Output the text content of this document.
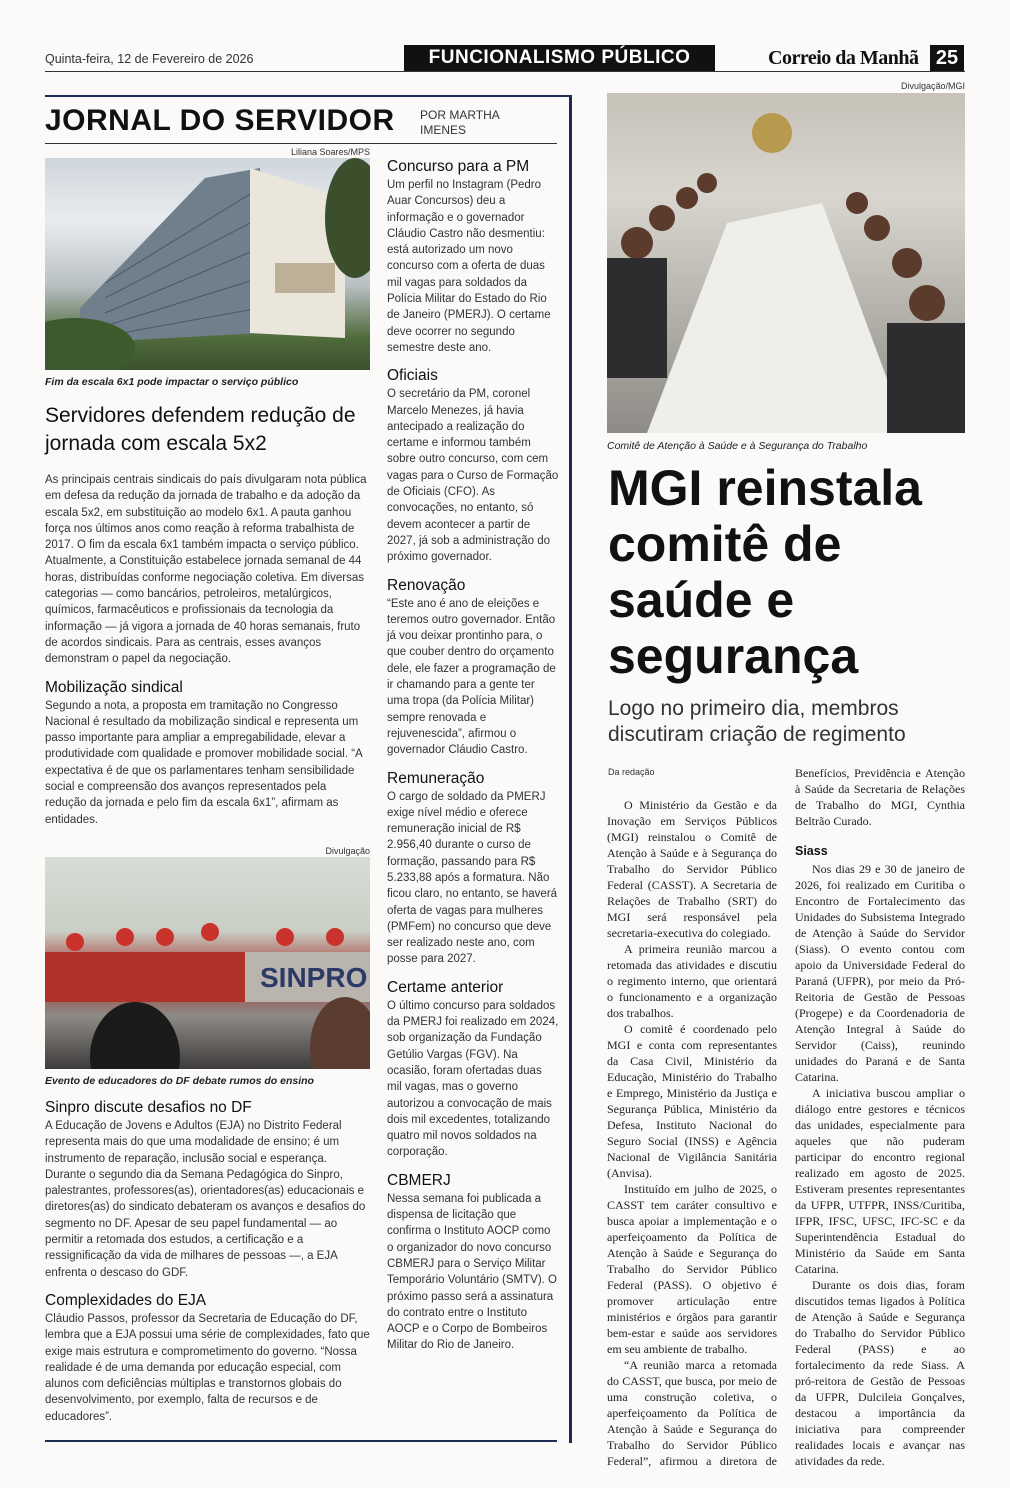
Quinta-feira, 12 de Fevereiro de 2026	FUNCIONALISMO PÚBLICO	Correio da Manhã 25
JORNAL DO SERVIDOR POR MARTHA IMENES
Liliana Soares/MPS
Fim da escala 6x1 pode impactar o serviço público
Servidores defendem redução de jornada com escala 5x2

As principais centrais sindicais do país divulgaram nota pública em defesa da redução da jornada de trabalho e da adoção da escala 5x2, em substituição ao modelo 6x1. A pauta ganhou força nos últimos anos como reação à reforma trabalhista de 2017. O fim da escala 6x1 também impacta o serviço público. Atualmente, a Constituição estabelece jornada semanal de 44 horas, distribuídas conforme negociação coletiva. Em diversas categorias — como bancários, petroleiros, metalúrgicos, químicos, farmacêuticos e profissionais da tecnologia da informação — já vigora a jornada de 40 horas semanais, fruto de acordos sindicais. Para as centrais, esses avanços demonstram o papel da negociação.

Mobilização sindical

Segundo a nota, a proposta em tramitação no Congresso Nacional é resultado da mobilização sindical e representa um passo importante para ampliar a empregabilidade, elevar a produtividade com qualidade e promover mobilidade social. “A expectativa é de que os parlamentares tenham sensibilidade social e compreensão dos avanços representados pela redução da jornada e pelo fim da escala 6x1”, afirmam as entidades.

Divulgação
SINPRO
Evento de educadores do DF debate rumos do ensino
Sinpro discute desafios no DF

A Educação de Jovens e Adultos (EJA) no Distrito Federal representa mais do que uma modalidade de ensino; é um instrumento de reparação, inclusão social e esperança. Durante o segundo dia da Semana Pedagógica do Sinpro, palestrantes, professores(as), orientadores(as) educacionais e diretores(as) do sindicato debateram os avanços e desafios do segmento no DF. Apesar de seu papel fundamental — ao permitir a retomada dos estudos, a certificação e a ressignificação da vida de milhares de pessoas —, a EJA enfrenta o descaso do GDF.

Complexidades do EJA

Cláudio Passos, professor da Secretaria de Educação do DF, lembra que a EJA possui uma série de complexidades, fato que exige mais estrutura e comprometimento do governo. “Nossa realidade é de uma demanda por educação especial, com alunos com deficiências múltiplas e transtornos globais do desenvolvimento, por exemplo, falta de recursos e de educadores”.

Concurso para a PM

Um perfil no Instagram (Pedro Auar Concursos) deu a informação e o governador Cláudio Castro não desmentiu: está autorizado um novo concurso com a oferta de duas mil vagas para soldados da Polícia Militar do Estado do Rio de Janeiro (PMERJ). O certame deve ocorrer no segundo semestre deste ano.

Oficiais

O secretário da PM, coronel Marcelo Menezes, já havia antecipado a realização do certame e informou também sobre outro concurso, com cem vagas para o Curso de Formação de Oficiais (CFO). As convocações, no entanto, só devem acontecer a partir de 2027, já sob a administração do próximo governador.

Renovação

“Este ano é ano de eleições e teremos outro governador. Então já vou deixar prontinho para, o que couber dentro do orçamento dele, ele fazer a programação de ir chamando para a gente ter uma tropa (da Polícia Militar) sempre renovada e rejuvenescida”, afirmou o governador Cláudio Castro.

Remuneração

O cargo de soldado da PMERJ exige nível médio e oferece remuneração inicial de R$ 2.956,40 durante o curso de formação, passando para R$ 5.233,88 após a formatura. Não ficou claro, no entanto, se haverá oferta de vagas para mulheres (PMFem) no concurso que deve ser realizado neste ano, com posse para 2027.

Certame anterior

O último concurso para soldados da PMERJ foi realizado em 2024, sob organização da Fundação Getúlio Vargas (FGV). Na ocasião, foram ofertadas duas mil vagas, mas o governo autorizou a convocação de mais dois mil excedentes, totalizando quatro mil novos soldados na corporação.

CBMERJ

Nessa semana foi publicada a dispensa de licitação que confirma o Instituto AOCP como o organizador do novo concurso CBMERJ para o Serviço Militar Temporário Voluntário (SMTV). O próximo passo será a assinatura do contrato entre o Instituto AOCP e o Corpo de Bombeiros Militar do Rio de Janeiro.

Divulgação/MGI
Comitê de Atenção à Saúde e à Segurança do Trabalho
MGI reinstala comitê de saúde e segurança
Logo no primeiro dia, membros discutiram criação de regimento
Da redação

O Ministério da Gestão e da Inovação em Serviços Públicos (MGI) reinstalou o Comitê de Atenção à Saúde e à Segurança do Trabalho do Servidor Público Federal (CASST). A Secretaria de Relações de Trabalho (SRT) do MGI será responsável pela secretaria-executiva do colegiado.

A primeira reunião marcou a retomada das atividades e discutiu o regimento interno, que orientará o funcionamento e a organização dos trabalhos.

O comitê é coordenado pelo MGI e conta com representantes da Casa Civil, Ministério da Educação, Ministério do Trabalho e Emprego, Ministério da Justiça e Segurança Pública, Ministério da Defesa, Instituto Nacional do Seguro Social (INSS) e Agência Nacional de Vigilância Sanitária (Anvisa).

Instituído em julho de 2025, o CASST tem caráter consultivo e busca apoiar a implementação e o aperfeiçoamento da Política de Atenção à Saúde e Segurança do Trabalho do Servidor Público Federal (PASS). O objetivo é promover articulação entre ministérios e órgãos para garantir bem-estar e saúde aos servidores em seu ambiente de trabalho.

“A reunião marca a retomada do CASST, que busca, por meio de uma construção coletiva, o aperfeiçoamento da Política de Atenção à Saúde e Segurança do Trabalho do Servidor Público Federal”, afirmou a diretora de Benefícios, Previdência e Atenção à Saúde da Secretaria de Relações de Trabalho do MGI, Cynthia Beltrão Curado.

Siass

Nos dias 29 e 30 de janeiro de 2026, foi realizado em Curitiba o Encontro de Fortalecimento das Unidades do Subsistema Integrado de Atenção à Saúde do Servidor (Siass). O evento contou com apoio da Universidade Federal do Paraná (UFPR), por meio da Pró-Reitoria de Gestão de Pessoas (Progepe) e da Coordenadoria de Atenção Integral à Saúde do Servidor (Caiss), reunindo unidades do Paraná e de Santa Catarina.

A iniciativa buscou ampliar o diálogo entre gestores e técnicos das unidades, especialmente para aqueles que não puderam participar do encontro regional realizado em agosto de 2025. Estiveram presentes representantes da UFPR, UTFPR, INSS/Curitiba, IFPR, IFSC, UFSC, IFC-SC e da Superintendência Estadual do Ministério da Saúde em Santa Catarina.

Durante os dois dias, foram discutidos temas ligados à Política de Atenção à Saúde e Segurança do Trabalho do Servidor Público Federal (PASS) e ao fortalecimento da rede Siass. A pró-reitora de Gestão de Pessoas da UFPR, Dulcileia Gonçalves, destacou a importância da iniciativa para compreender realidades locais e avançar nas atividades da rede.
